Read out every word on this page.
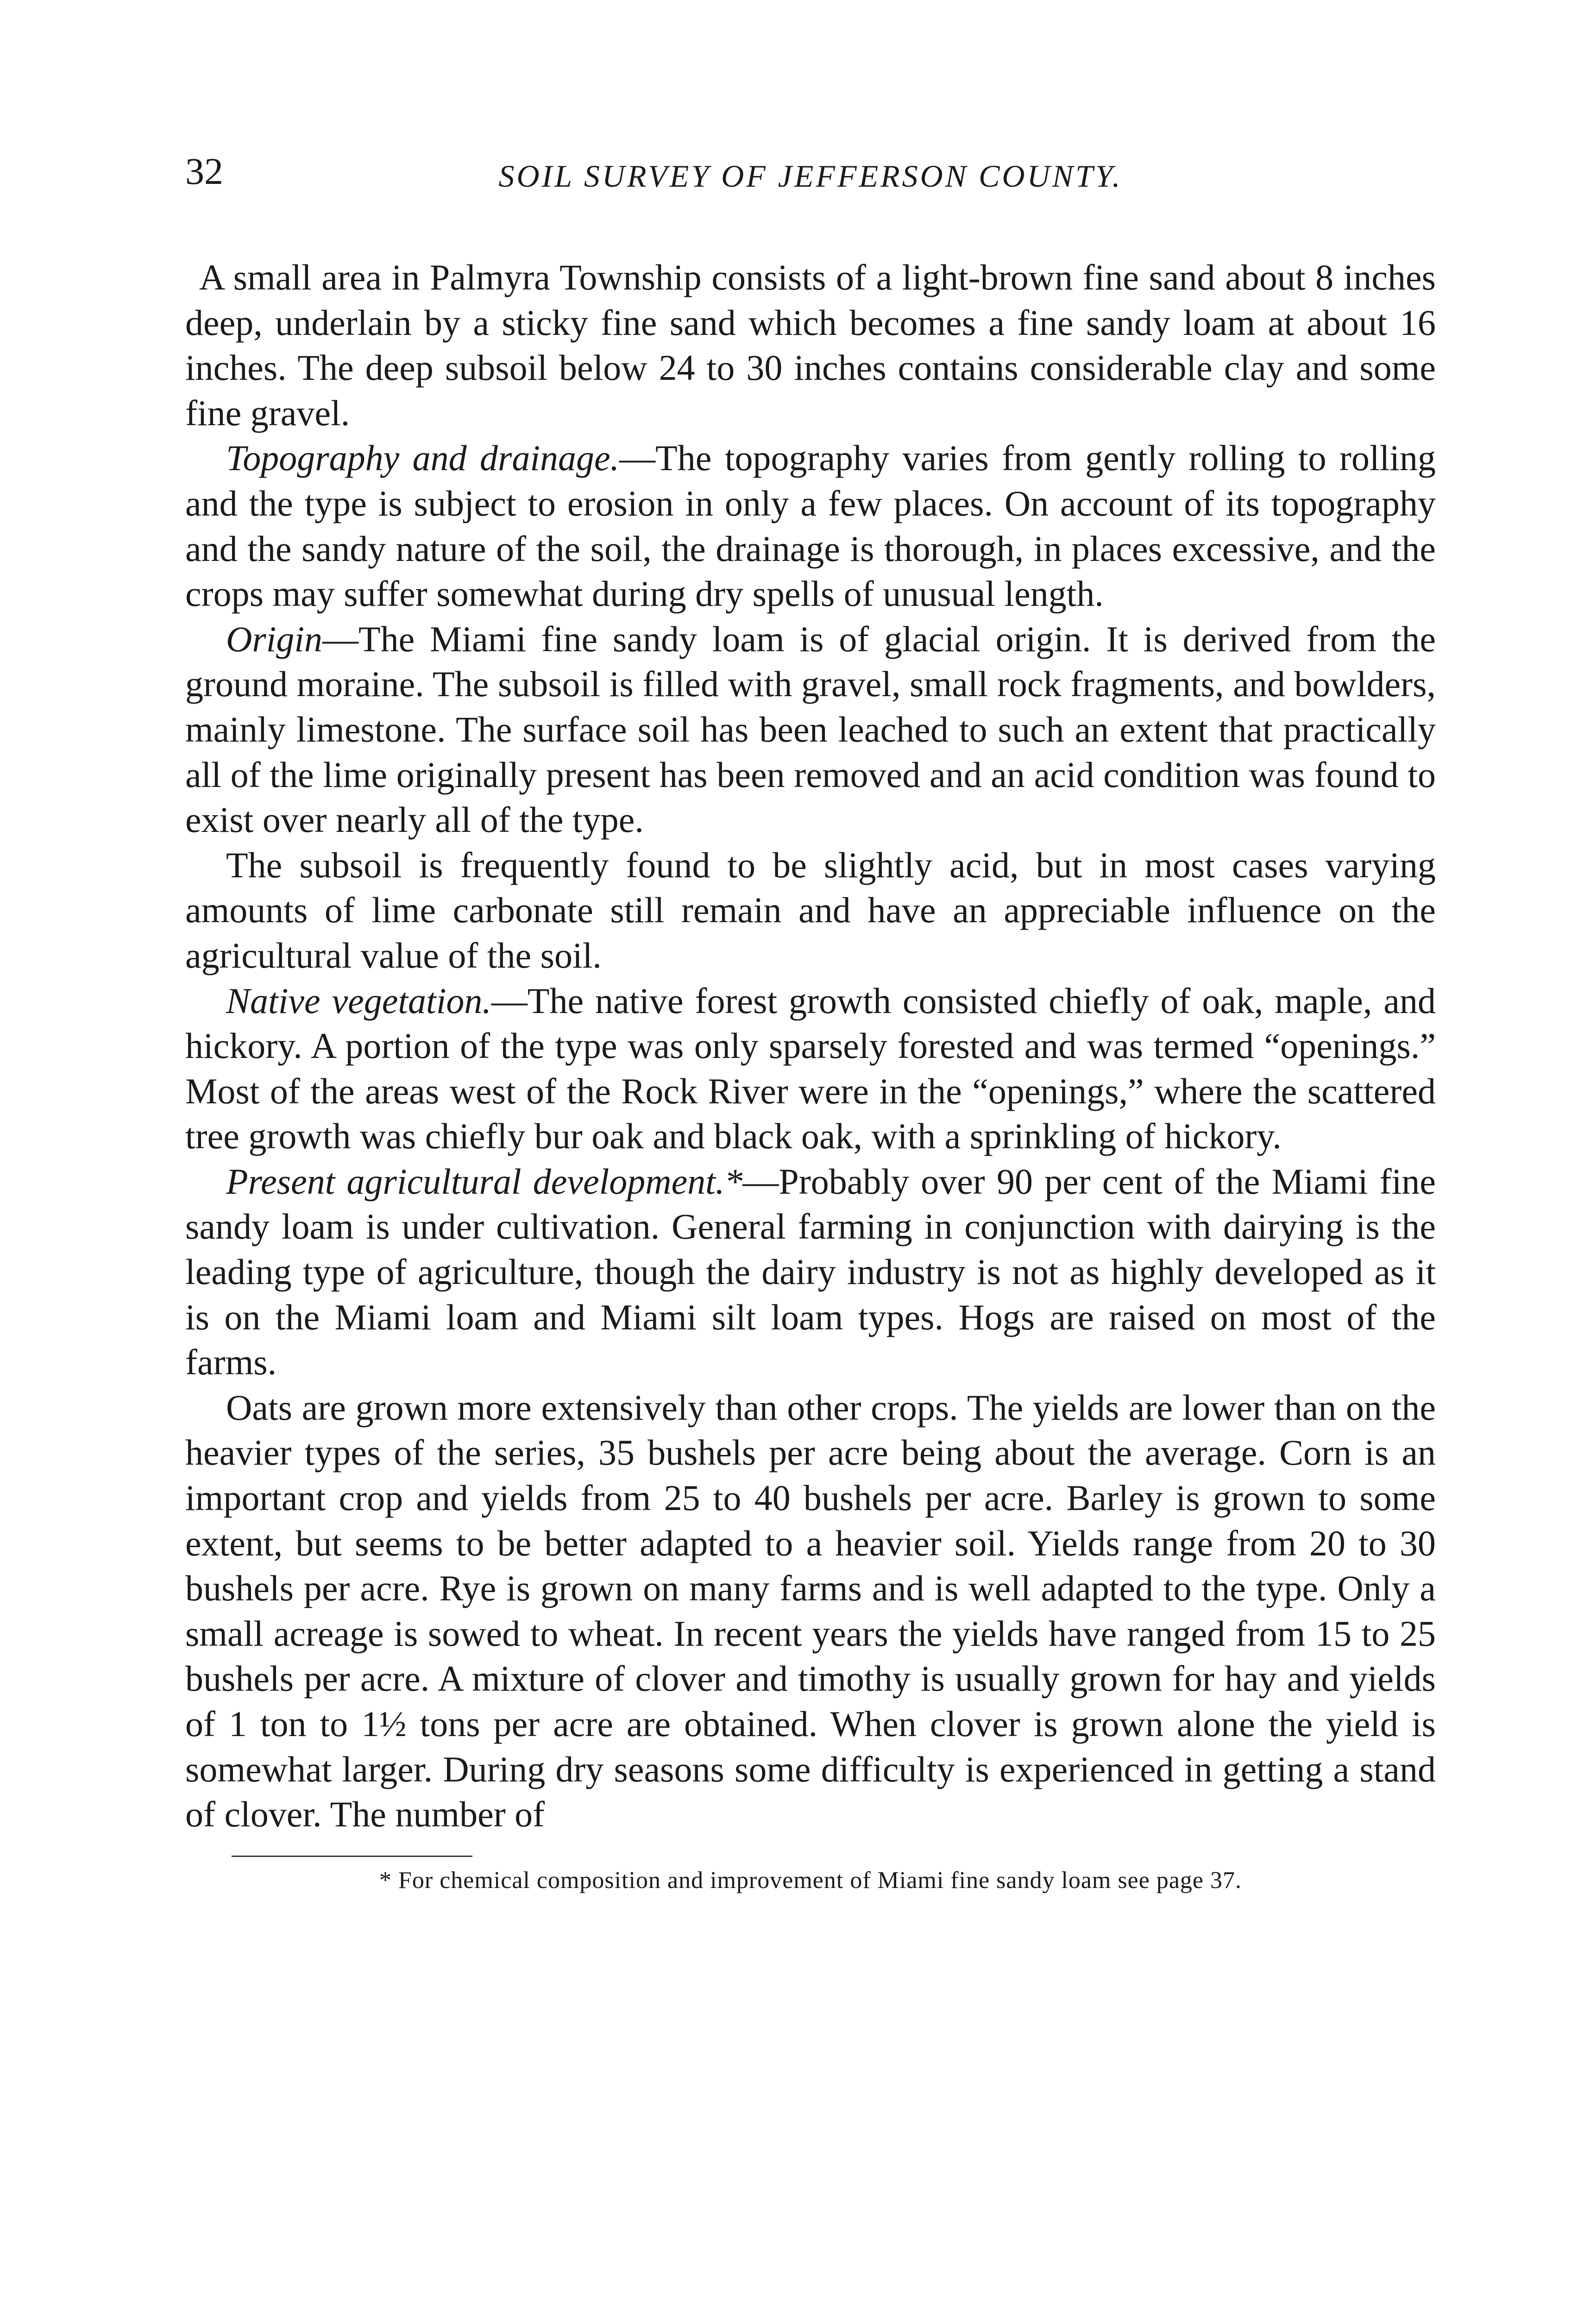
32	SOIL SURVEY OF JEFFERSON COUNTY.

A small area in Palmyra Township consists of a light-brown fine sand about 8 inches deep, underlain by a sticky fine sand which becomes a fine sandy loam at about 16 inches. The deep subsoil below 24 to 30 inches contains considerable clay and some fine gravel.

Topography and drainage.—The topography varies from gently rolling to rolling and the type is subject to erosion in only a few places. On account of its topography and the sandy nature of the soil, the drainage is thorough, in places excessive, and the crops may suffer somewhat during dry spells of unusual length.

Origin—The Miami fine sandy loam is of glacial origin. It is derived from the ground moraine. The subsoil is filled with gravel, small rock fragments, and bowlders, mainly limestone. The surface soil has been leached to such an extent that practically all of the lime originally present has been removed and an acid condition was found to exist over nearly all of the type.

The subsoil is frequently found to be slightly acid, but in most cases varying amounts of lime carbonate still remain and have an appreciable influence on the agricultural value of the soil.

Native vegetation.—The native forest growth consisted chiefly of oak, maple, and hickory. A portion of the type was only sparsely forested and was termed “openings.” Most of the areas west of the Rock River were in the “openings,” where the scattered tree growth was chiefly bur oak and black oak, with a sprinkling of hickory.

Present agricultural development.*—Probably over 90 per cent of the Miami fine sandy loam is under cultivation. General farming in conjunction with dairying is the leading type of agriculture, though the dairy industry is not as highly developed as it is on the Miami loam and Miami silt loam types. Hogs are raised on most of the farms.

Oats are grown more extensively than other crops. The yields are lower than on the heavier types of the series, 35 bushels per acre being about the average. Corn is an important crop and yields from 25 to 40 bushels per acre. Barley is grown to some extent, but seems to be better adapted to a heavier soil. Yields range from 20 to 30 bushels per acre. Rye is grown on many farms and is well adapted to the type. Only a small acreage is sowed to wheat. In recent years the yields have ranged from 15 to 25 bushels per acre. A mixture of clover and timothy is usually grown for hay and yields of 1 ton to 1½ tons per acre are obtained. When clover is grown alone the yield is somewhat larger. During dry seasons some difficulty is experienced in getting a stand of clover. The number of

* For chemical composition and improvement of Miami fine sandy loam see page 37.
